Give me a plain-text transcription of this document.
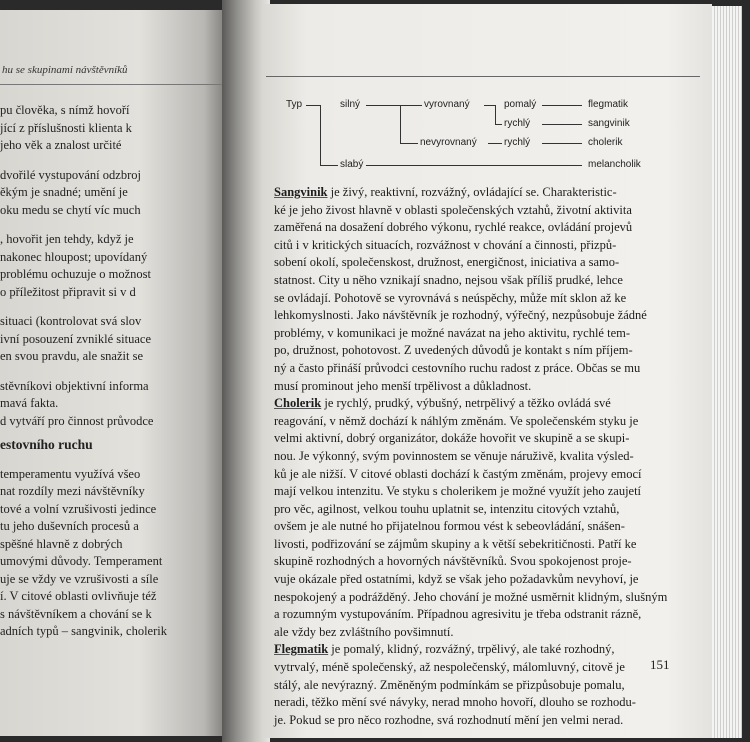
hu se skupinami návštěvníků
pu člověka, s nímž hovoří
jící z příslušnosti klienta k
jeho věk a znalost určité
dvořilé vystupování odzbroj
ěkým je snadné; umění je
oku medu se chytí víc much
, hovořit jen tehdy, když je
nakonec hloupost; upovídaný
problému ochuzuje o možnost
o příležitost připravit si v d
situaci (kontrolovat svá slov
ivní posouzení zvniklé situace
en svou pravdu, ale snažit se
stěvníkovi objektivní informa
mavá fakta.
d vytváří pro činnost průvodce
estovního ruchu
temperamentu využívá všeo
nat rozdíly mezi návštěvníky
tové a volní vzrušivosti jedince
tu jeho duševních procesů a
spěšné hlavně z dobrých
umovými důvody. Temperament
uje se vždy ve vzrušivosti a síle
í. V citové oblasti ovlivňuje též
s návštěvníkem a chování se k
adních typů – sangvinik, cholerik
Typ	silný
slabý
vyrovnaný
nevyrovnaný
pomalý
rychlý
rychlý
flegmatik
sangvinik
cholerik
melancholik
Sangvinik je živý, reaktivní, rozvážný, ovládající se. Charakteristic-
ké je jeho živost hlavně v oblasti společenských vztahů, životní aktivita
zaměřená na dosažení dobrého výkonu, rychlé reakce, ovládání projevů
citů i v kritických situacích, rozvážnost v chování a činnosti, přizpů-
sobení okolí, společenskost, družnost, energičnost, iniciativa a samo-
statnost. City u něho vznikají snadno, nejsou však příliš prudké, lehce
se ovládají. Pohotově se vyrovnává s neúspěchy, může mít sklon až ke
lehkomyslnosti. Jako návštěvník je rozhodný, výřečný, nezpůsobuje žádné
problémy, v komunikaci je možné navázat na jeho aktivitu, rychlé tem-
po, družnost, pohotovost. Z uvedených důvodů je kontakt s ním příjem-
ný a často přináší průvodci cestovního ruchu radost z práce. Občas se mu
musí prominout jeho menší trpělivost a důkladnost.
Cholerik je rychlý, prudký, výbušný, netrpělivý a těžko ovládá své
reagování, v němž dochází k náhlým změnám. Ve společenském styku je
velmi aktivní, dobrý organizátor, dokáže hovořit ve skupině a se skupi-
nou. Je výkonný, svým povinnostem se věnuje náruživě, kvalita výsled-
ků je ale nižší. V citové oblasti dochází k častým změnám, projevy emocí
mají velkou intenzitu. Ve styku s cholerikem je možné využít jeho zaujetí
pro věc, agilnost, velkou touhu uplatnit se, intenzitu citových vztahů,
ovšem je ale nutné ho přijatelnou formou vést k sebeovládání, snášen-
livosti, podřizování se zájmům skupiny a k větší sebekritičnosti. Patří ke
skupině rozhodných a hovorných návštěvníků. Svou spokojenost proje-
vuje okázale před ostatními, když se však jeho požadavkům nevyhoví, je
nespokojený a podrážděný. Jeho chování je možné usměrnit klidným, slušným
a rozumným vystupováním. Případnou agresivitu je třeba odstranit rázně,
ale vždy bez zvláštního povšimnutí.
Flegmatik je pomalý, klidný, rozvážný, trpělivý, ale také rozhodný,
vytrvalý, méně společenský, až nespolečenský, málomluvný, citově je
stálý, ale nevýrazný. Změněným podmínkám se přizpůsobuje pomalu,
neradi, těžko mění své návyky, nerad mnoho hovoří, dlouho se rozhodu-
je. Pokud se pro něco rozhodne, svá rozhodnutí mění jen velmi nerad.
151
